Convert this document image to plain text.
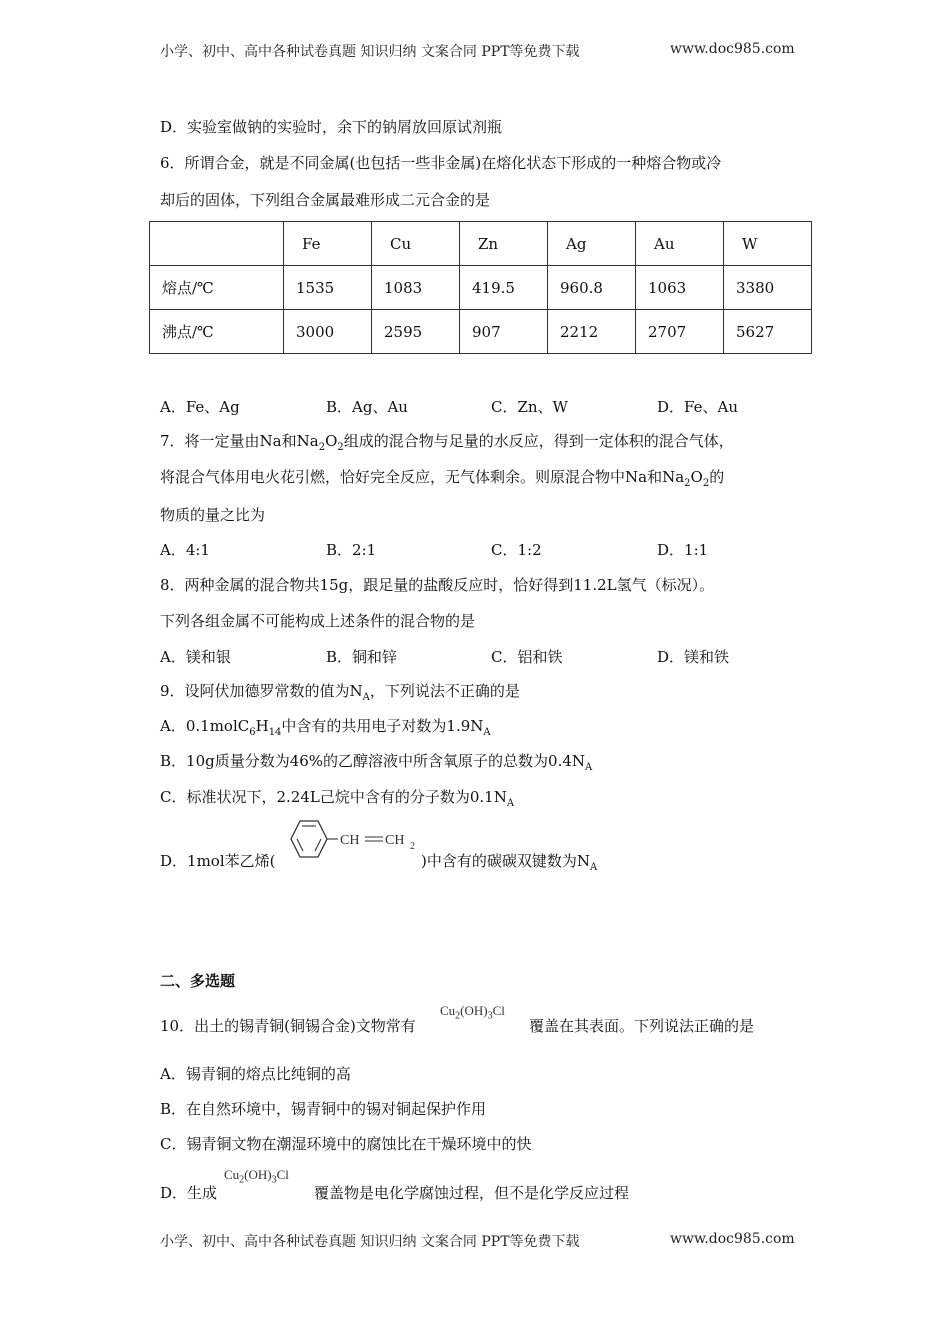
小学、初中、高中各种试卷真题 知识归纳 文案合同 PPT等免费下载	www.doc985.com
D．实验室做钠的实验时，余下的钠屑放回原试剂瓶
6．所谓合金，就是不同金属(也包括一些非金属)在熔化状态下形成的一种熔合物或冷
却后的固体，下列组合金属最难形成二元合金的是
	Fe	Cu	Zn	Ag	Au	W
熔点/℃	1535	1083	419.5	960.8	1063	3380
沸点/℃	3000	2595	907	2212	2707	5627
A．Fe、Ag	B．Ag、Au	C．Zn、W	D．Fe、Au
7．将一定量由Na和$Na_2O_2$组成的混合物与足量的水反应，得到一定体积的混合气体，
将混合气体用电火花引燃，恰好完全反应，无气体剩余。则原混合物中Na和$Na_2O_2$的
物质的量之比为
A．4:1	B．2:1	C．1:2	D．1:1
8．两种金属的混合物共15g，跟足量的盐酸反应时，恰好得到11.2L氢气（标况）。
下列各组金属不可能构成上述条件的混合物的是
A．镁和银	B．铜和锌	C．铝和铁	D．镁和铁
9．设阿伏加德罗常数的值为$N_A$，下列说法不正确的是
A．$0.1molC_6H_{14}$中含有的共用电子对数为$1.9N_A$
B．10g质量分数为46%的乙醇溶液中所含氧原子的总数为$0.4N_A$
C．标准状况下，2.24L己烷中含有的分子数为$0.1N_A$
D．1mol苯乙烯(
CH CH 2
)中含有的碳碳双键数为$N_A$
二、多选题
10．出土的锡青铜(铜锡合金)文物常有
$Cu_2(OH)_3Cl$
覆盖在其表面。下列说法正确的是
A．锡青铜的熔点比纯铜的高
B．在自然环境中，锡青铜中的锡对铜起保护作用
C．锡青铜文物在潮湿环境中的腐蚀比在干燥环境中的快
D．生成
$Cu_2(OH)_3Cl$
覆盖物是电化学腐蚀过程，但不是化学反应过程
小学、初中、高中各种试卷真题 知识归纳 文案合同 PPT等免费下载	www.doc985.com
